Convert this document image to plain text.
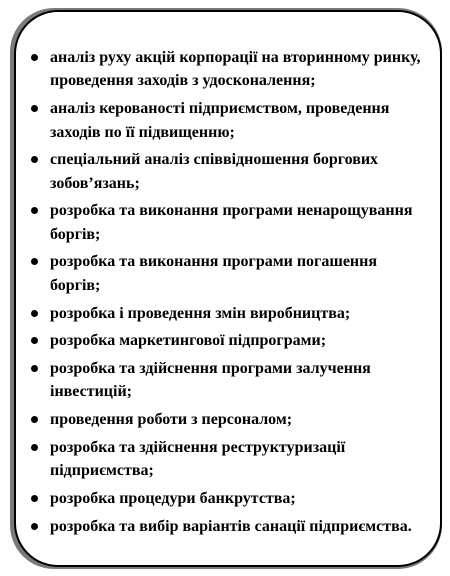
аналіз руху акцій корпорації на вторинному ринку, проведення заходів з удосконалення;
аналіз керованості підприємством, проведення заходів по її підвищенню;
спеціальний аналіз співвідношення боргових зобов’язань;
розробка та виконання програми ненарощування боргів;
розробка та виконання програми погашення боргів;
розробка і проведення змін виробництва;
розробка маркетингової підпрограми;
розробка та здійснення програми залучення інвестицій;
проведення роботи з персоналом;
розробка та здійснення реструктуризації підприємства;
розробка процедури банкрутства;
розробка та вибір варіантів санації підприємства.
